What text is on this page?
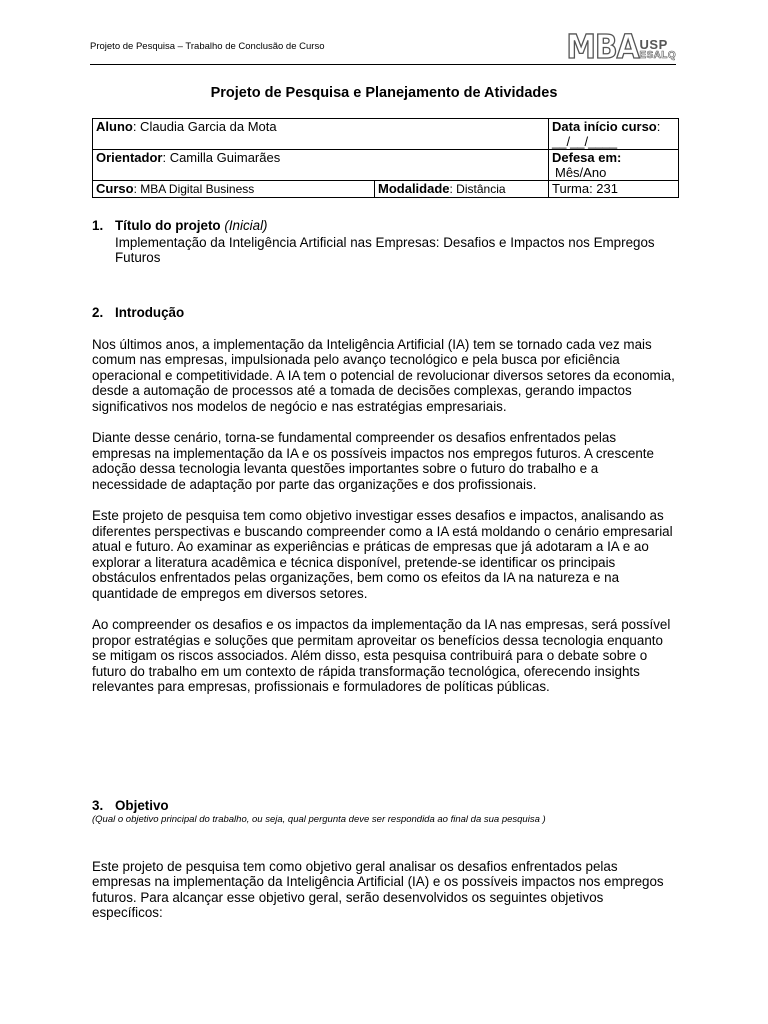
Projeto de Pesquisa – Trabalho de Conclusão de Curso	MBA USP
ESALQ
Projeto de Pesquisa e Planejamento de Atividades
Aluno: Claudia Garcia da Mota		Data início curso:
__/__/____
Orientador: Camilla Guimarães		Defesa em:
Mês/Ano
Curso: MBA Digital Business	Modalidade: Distância	Turma: 231
1. Título do projeto (Inicial)
Implementação da Inteligência Artificial nas Empresas: Desafios e Impactos nos Empregos Futuros
2. Introdução
Nos últimos anos, a implementação da Inteligência Artificial (IA) tem se tornado cada vez mais comum nas empresas, impulsionada pelo avanço tecnológico e pela busca por eficiência operacional e competitividade. A IA tem o potencial de revolucionar diversos setores da economia, desde a automação de processos até a tomada de decisões complexas, gerando impactos significativos nos modelos de negócio e nas estratégias empresariais.
Diante desse cenário, torna-se fundamental compreender os desafios enfrentados pelas empresas na implementação da IA e os possíveis impactos nos empregos futuros. A crescente adoção dessa tecnologia levanta questões importantes sobre o futuro do trabalho e a necessidade de adaptação por parte das organizações e dos profissionais.
Este projeto de pesquisa tem como objetivo investigar esses desafios e impactos, analisando as diferentes perspectivas e buscando compreender como a IA está moldando o cenário empresarial atual e futuro. Ao examinar as experiências e práticas de empresas que já adotaram a IA e ao explorar a literatura acadêmica e técnica disponível, pretende-se identificar os principais obstáculos enfrentados pelas organizações, bem como os efeitos da IA na natureza e na quantidade de empregos em diversos setores.
Ao compreender os desafios e os impactos da implementação da IA nas empresas, será possível propor estratégias e soluções que permitam aproveitar os benefícios dessa tecnologia enquanto se mitigam os riscos associados. Além disso, esta pesquisa contribuirá para o debate sobre o futuro do trabalho em um contexto de rápida transformação tecnológica, oferecendo insights relevantes para empresas, profissionais e formuladores de políticas públicas.
3. Objetivo
(Qual o objetivo principal do trabalho, ou seja, qual pergunta deve ser respondida ao final da sua pesquisa )
Este projeto de pesquisa tem como objetivo geral analisar os desafios enfrentados pelas empresas na implementação da Inteligência Artificial (IA) e os possíveis impactos nos empregos futuros. Para alcançar esse objetivo geral, serão desenvolvidos os seguintes objetivos específicos:
